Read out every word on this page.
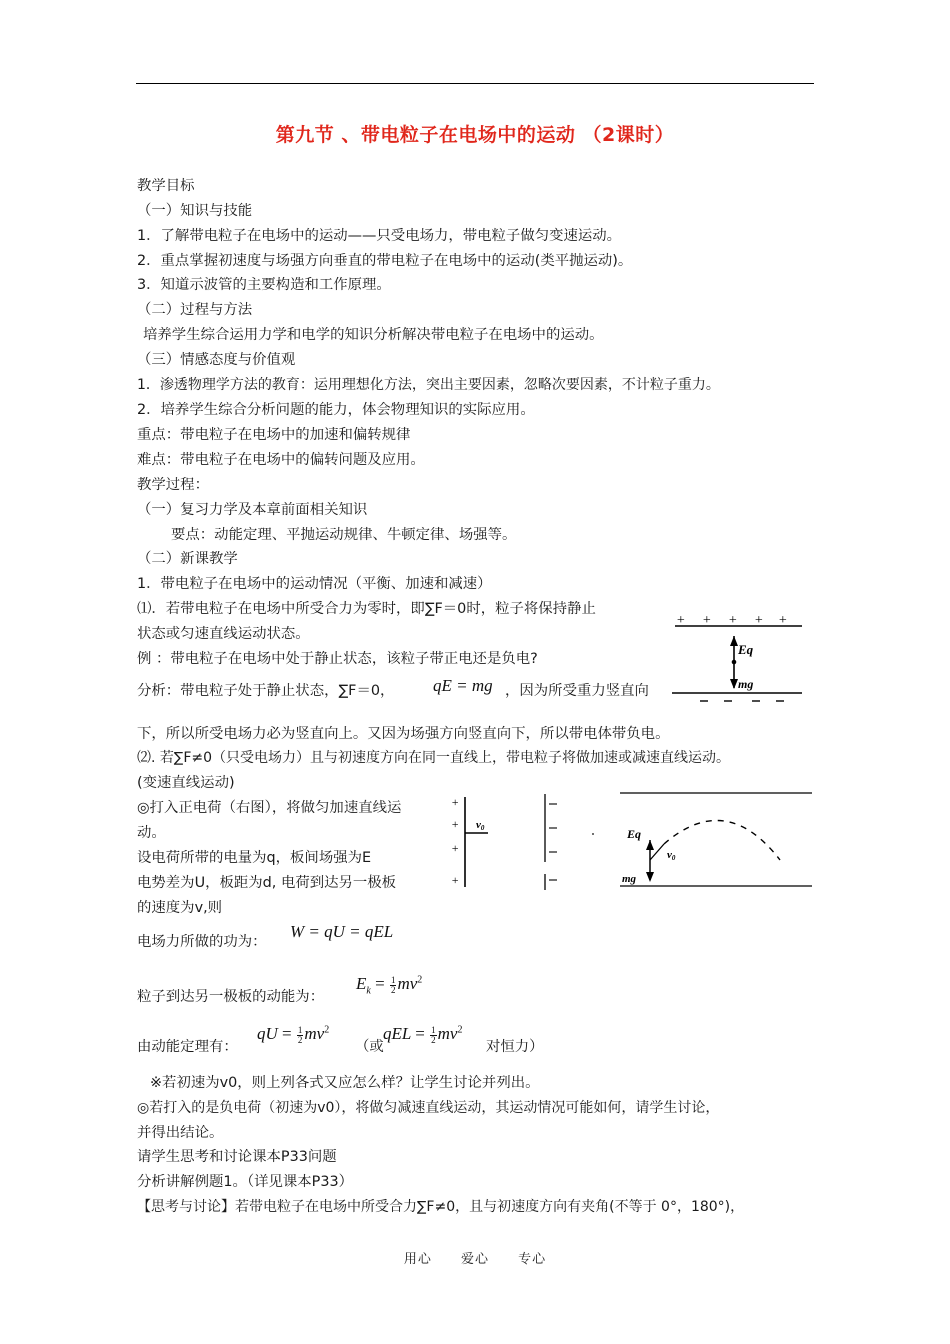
第九节 、带电粒子在电场中的运动 （2课时）
教学目标
（一）知识与技能
1．了解带电粒子在电场中的运动——只受电场力，带电粒子做匀变速运动。
2．重点掌握初速度与场强方向垂直的带电粒子在电场中的运动(类平抛运动)。
3．知道示波管的主要构造和工作原理。
（二）过程与方法
培养学生综合运用力学和电学的知识分析解决带电粒子在电场中的运动。
（三）情感态度与价值观
1．渗透物理学方法的教育：运用理想化方法，突出主要因素，忽略次要因素，不计粒子重力。
2．培养学生综合分析问题的能力，体会物理知识的实际应用。
重点：带电粒子在电场中的加速和偏转规律
难点：带电粒子在电场中的偏转问题及应用。
教学过程：
（一）复习力学及本章前面相关知识
要点：动能定理、平抛运动规律、牛顿定律、场强等。
（二）新课教学
1．带电粒子在电场中的运动情况（平衡、加速和减速）
⑴．若带电粒子在电场中所受合力为零时，即∑F＝0时，粒子将保持静止
状态或匀速直线运动状态。
例 ：带电粒子在电场中处于静止状态，该粒子带正电还是负电?
分析：带电粒子处于静止状态，∑F＝0， qE = mg ，因为所受重力竖直向
+ + + + +
Eq
mg
下，所以所受电场力必为竖直向上。又因为场强方向竖直向下，所以带电体带负电。
⑵. 若∑F≠0（只受电场力）且与初速度方向在同一直线上，带电粒子将做加速或减速直线运动。
(变速直线运动)
◎打入正电荷（右图），将做匀加速直线运
动。
设电荷所带的电量为q，板间场强为E
电势差为U，板距为d, 电荷到达另一极板
的速度为v,则
+
+
+
+
v0	Eq
mg
v0
电场力所做的功为：
W = qU = qEL
粒子到达另一极板的动能为：
$E_k = \frac{1}{2} mv^2$
由动能定理有：
qU = $\frac{1}{2} mv^2$
（或
qEL = $\frac{1}{2} mv^2$
对恒力）
※若初速为v0，则上列各式又应怎么样？让学生讨论并列出。
◎若打入的是负电荷（初速为v0），将做匀减速直线运动，其运动情况可能如何，请学生讨论，
并得出结论。
请学生思考和讨论课本P33问题
分析讲解例题1。（详见课本P33）
【思考与讨论】若带电粒子在电场中所受合力∑F≠0，且与初速度方向有夹角(不等于 0°，180°)，
用心 爱心 专心
